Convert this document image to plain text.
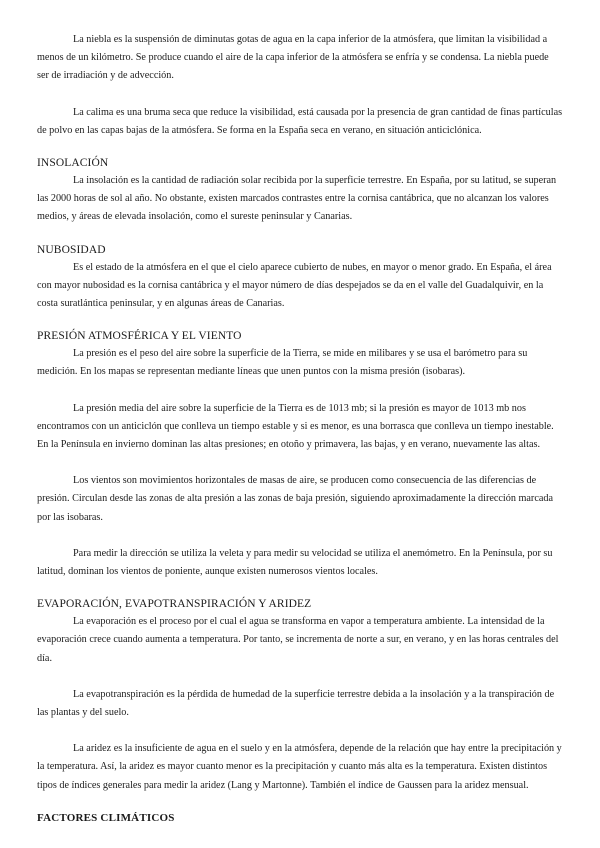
La niebla es la suspensión de diminutas gotas de agua en la capa inferior de la atmósfera, que limitan la visibilidad a menos de un kilómetro. Se produce cuando el aire de la capa inferior de la atmósfera se enfría y se condensa. La niebla puede ser de irradiación y de advección.

La calima es una bruma seca que reduce la visibilidad, está causada por la presencia de gran cantidad de finas partículas de polvo en las capas bajas de la atmósfera. Se forma en la España seca en verano, en situación anticiclónica.

INSOLACIÓN

La insolación es la cantidad de radiación solar recibida por la superficie terrestre. En España, por su latitud, se superan las 2000 horas de sol al año. No obstante, existen marcados contrastes entre la cornisa cantábrica, que no alcanzan los valores medios, y áreas de elevada insolación, como el sureste peninsular y Canarias.

NUBOSIDAD

Es el estado de la atmósfera en el que el cielo aparece cubierto de nubes, en mayor o menor grado. En España, el área con mayor nubosidad es la cornisa cantábrica y el mayor número de días despejados se da en el valle del Guadalquivir, en la costa suratlántica peninsular, y en algunas áreas de Canarias.

PRESIÓN ATMOSFÉRICA Y EL VIENTO

La presión es el peso del aire sobre la superficie de la Tierra, se mide en milibares y se usa el barómetro para su medición. En los mapas se representan mediante líneas que unen puntos con la misma presión (isobaras).

La presión media del aire sobre la superficie de la Tierra es de 1013 mb; si la presión es mayor de 1013 mb nos encontramos con un anticiclón que conlleva un tiempo estable y si es menor, es una borrasca que conlleva un tiempo inestable. En la Península en invierno dominan las altas presiones; en otoño y primavera, las bajas, y en verano, nuevamente las altas.

Los vientos son movimientos horizontales de masas de aire, se producen como consecuencia de las diferencias de presión. Circulan desde las zonas de alta presión a las zonas de baja presión, siguiendo aproximadamente la dirección marcada por las isobaras.

Para medir la dirección se utiliza la veleta y para medir su velocidad se utiliza el anemómetro. En la Península, por su latitud, dominan los vientos de poniente, aunque existen numerosos vientos locales.

EVAPORACIÓN, EVAPOTRANSPIRACIÓN Y ARIDEZ

La evaporación es el proceso por el cual el agua se transforma en vapor a temperatura ambiente. La intensidad de la evaporación crece cuando aumenta a temperatura. Por tanto, se incrementa de norte a sur, en verano, y en las horas centrales del día.

La evapotranspiración es la pérdida de humedad de la superficie terrestre debida a la insolación y a la transpiración de las plantas y del suelo.

La aridez es la insuficiente de agua en el suelo y en la atmósfera, depende de la relación que hay entre la precipitación y la temperatura. Así, la aridez es mayor cuanto menor es la precipitación y cuanto más alta es la temperatura. Existen distintos tipos de índices generales para medir la aridez (Lang y Martonne). También el índice de Gaussen para la aridez mensual.

FACTORES CLIMÁTICOS
